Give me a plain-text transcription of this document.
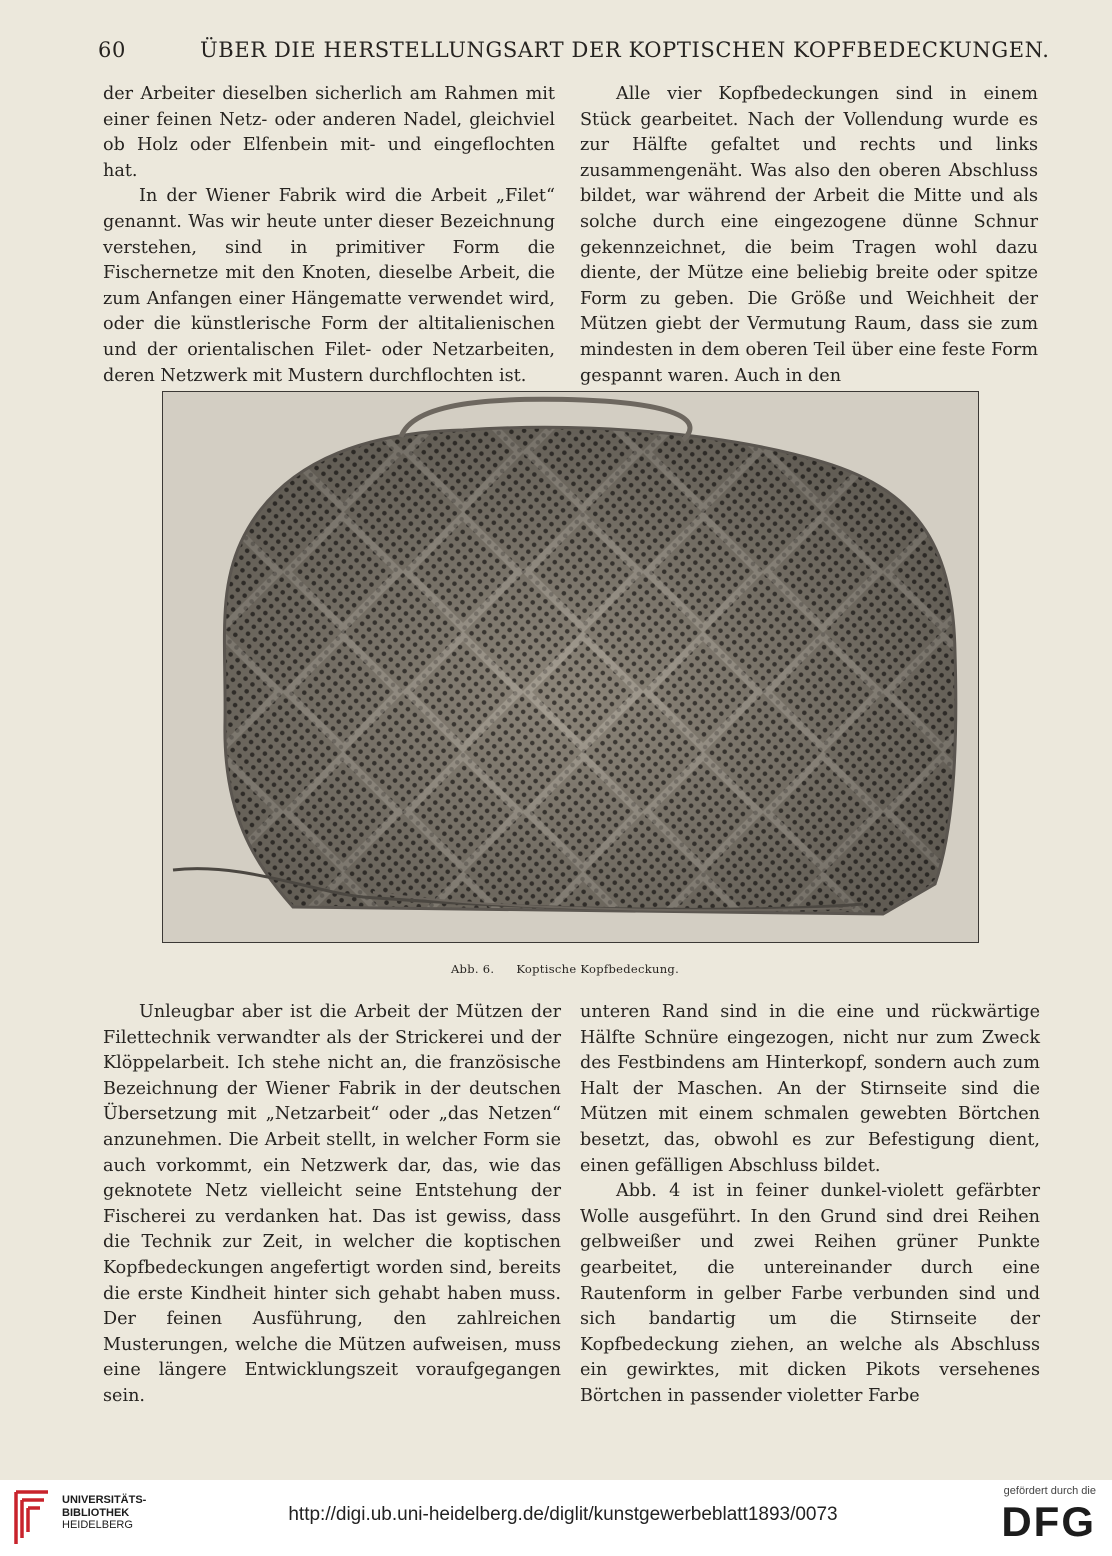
60	ÜBER DIE HERSTELLUNGSART DER KOPTISCHEN KOPFBEDECKUNGEN.

der Arbeiter dieselben sicherlich am Rahmen mit einer feinen Netz- oder anderen Nadel, gleichviel ob Holz oder Elfenbein mit- und eingeflochten hat.

In der Wiener Fabrik wird die Arbeit „Filet“ genannt. Was wir heute unter dieser Bezeichnung verstehen, sind in primitiver Form die Fischernetze mit den Knoten, dieselbe Arbeit, die zum Anfangen einer Hängematte verwendet wird, oder die künstlerische Form der altitalienischen und der orientalischen Filet- oder Netzarbeiten, deren Netzwerk mit Mustern durchflochten ist.

Alle vier Kopfbedeckungen sind in einem Stück gearbeitet. Nach der Vollendung wurde es zur Hälfte gefaltet und rechts und links zusammengenäht. Was also den oberen Abschluss bildet, war während der Arbeit die Mitte und als solche durch eine eingezogene dünne Schnur gekennzeichnet, die beim Tragen wohl dazu diente, der Mütze eine beliebig breite oder spitze Form zu geben. Die Größe und Weichheit der Mützen giebt der Vermutung Raum, dass sie zum mindesten in dem oberen Teil über eine feste Form gespannt waren. Auch in den

Abb. 6. Koptische Kopfbedeckung.

Unleugbar aber ist die Arbeit der Mützen der Filettechnik verwandter als der Strickerei und der Klöppelarbeit. Ich stehe nicht an, die französische Bezeichnung der Wiener Fabrik in der deutschen Übersetzung mit „Netzarbeit“ oder „das Netzen“ anzunehmen. Die Arbeit stellt, in welcher Form sie auch vorkommt, ein Netzwerk dar, das, wie das geknotete Netz vielleicht seine Entstehung der Fischerei zu verdanken hat. Das ist gewiss, dass die Technik zur Zeit, in welcher die koptischen Kopfbedeckungen angefertigt worden sind, bereits die erste Kindheit hinter sich gehabt haben muss. Der feinen Ausführung, den zahlreichen Musterungen, welche die Mützen aufweisen, muss eine längere Entwicklungszeit voraufgegangen sein.

unteren Rand sind in die eine und rückwärtige Hälfte Schnüre eingezogen, nicht nur zum Zweck des Festbindens am Hinterkopf, sondern auch zum Halt der Maschen. An der Stirnseite sind die Mützen mit einem schmalen gewebten Börtchen besetzt, das, obwohl es zur Befestigung dient, einen gefälligen Abschluss bildet.

Abb. 4 ist in feiner dunkel-violett gefärbter Wolle ausgeführt. In den Grund sind drei Reihen gelbweißer und zwei Reihen grüner Punkte gearbeitet, die untereinander durch eine Rautenform in gelber Farbe verbunden sind und sich bandartig um die Stirnseite der Kopfbedeckung ziehen, an welche als Abschluss ein gewirktes, mit dicken Pikots versehenes Börtchen in passender violetter Farbe

UNIVERSITÄTS-
BIBLIOTHEK
HEIDELBERG	http://digi.ub.uni-heidelberg.de/diglit/kunstgewerbeblatt1893/0073
gefördert durch die
DFG
